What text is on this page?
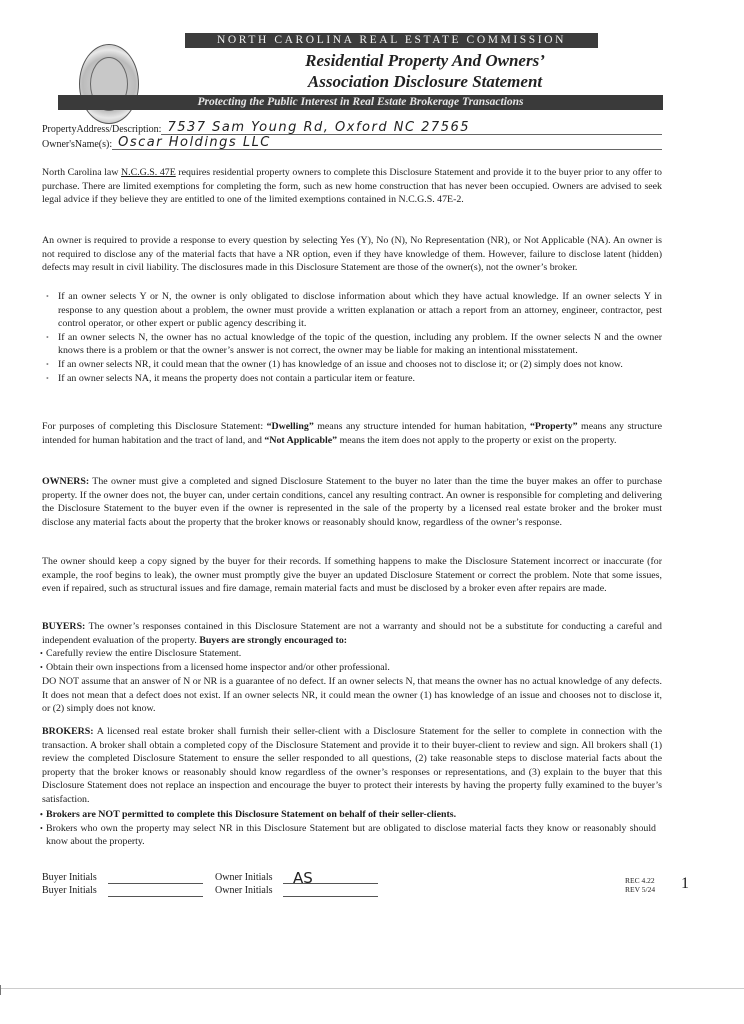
NORTH CAROLINA REAL ESTATE COMMISSION
Residential Property And Owners’
Association Disclosure Statement
Protecting the Public Interest in Real Estate Brokerage Transactions
PropertyAddress/Description: 7537 Sam Young Rd, Oxford NC 27565
Owner'sName(s): Oscar Holdings LLC
North Carolina law N.C.G.S. 47E requires residential property owners to complete this Disclosure Statement and provide it to the buyer prior to any offer to purchase. There are limited exemptions for completing the form, such as new home construction that has never been occupied. Owners are advised to seek legal advice if they believe they are entitled to one of the limited exemptions contained in N.C.G.S. 47E-2.
An owner is required to provide a response to every question by selecting Yes (Y), No (N), No Representation (NR), or Not Applicable (NA). An owner is not required to disclose any of the material facts that have a NR option, even if they have knowledge of them. However, failure to disclose latent (hidden) defects may result in civil liability. The disclosures made in this Disclosure Statement are those of the owner(s), not the owner’s broker.
• If an owner selects Y or N, the owner is only obligated to disclose information about which they have actual knowledge. If an owner selects Y in response to any question about a problem, the owner must provide a written explanation or attach a report from an attorney, engineer, contractor, pest control operator, or other expert or public agency describing it.
• If an owner selects N, the owner has no actual knowledge of the topic of the question, including any problem. If the owner selects N and the owner knows there is a problem or that the owner’s answer is not correct, the owner may be liable for making an intentional misstatement.
• If an owner selects NR, it could mean that the owner (1) has knowledge of an issue and chooses not to disclose it; or (2) simply does not know.
• If an owner selects NA, it means the property does not contain a particular item or feature.
For purposes of completing this Disclosure Statement: “Dwelling” means any structure intended for human habitation, “Property” means any structure intended for human habitation and the tract of land, and “Not Applicable” means the item does not apply to the property or exist on the property.
OWNERS: The owner must give a completed and signed Disclosure Statement to the buyer no later than the time the buyer makes an offer to purchase property. If the owner does not, the buyer can, under certain conditions, cancel any resulting contract. An owner is responsible for completing and delivering the Disclosure Statement to the buyer even if the owner is represented in the sale of the property by a licensed real estate broker and the broker must disclose any material facts about the property that the broker knows or reasonably should know, regardless of the owner’s response.
The owner should keep a copy signed by the buyer for their records. If something happens to make the Disclosure Statement incorrect or inaccurate (for example, the roof begins to leak), the owner must promptly give the buyer an updated Disclosure Statement or correct the problem. Note that some issues, even if repaired, such as structural issues and fire damage, remain material facts and must be disclosed by a broker even after repairs are made.
BUYERS: The owner’s responses contained in this Disclosure Statement are not a warranty and should not be a substitute for conducting a careful and independent evaluation of the property. Buyers are strongly encouraged to:
• Carefully review the entire Disclosure Statement.
• Obtain their own inspections from a licensed home inspector and/or other professional.
DO NOT assume that an answer of N or NR is a guarantee of no defect. If an owner selects N, that means the owner has no actual knowledge of any defects. It does not mean that a defect does not exist. If an owner selects NR, it could mean the owner (1) has knowledge of an issue and chooses not to disclose it, or (2) simply does not know.
BROKERS: A licensed real estate broker shall furnish their seller-client with a Disclosure Statement for the seller to complete in connection with the transaction. A broker shall obtain a completed copy of the Disclosure Statement and provide it to their buyer-client to review and sign. All brokers shall (1) review the completed Disclosure Statement to ensure the seller responded to all questions, (2) take reasonable steps to disclose material facts about the property that the broker knows or reasonably should know regardless of the owner’s responses or representations, and (3) explain to the buyer that this Disclosure Statement does not replace an inspection and encourage the buyer to protect their interests by having the property fully examined to the buyer’s satisfaction.
• Brokers are NOT permitted to complete this Disclosure Statement on behalf of their seller-clients.
• Brokers who own the property may select NR in this Disclosure Statement but are obligated to disclose material facts they know or reasonably should know about the property.
Buyer Initials	Owner Initials	AS
Buyer Initials	Owner Initials
REC 4.22
REV 5/24 1
